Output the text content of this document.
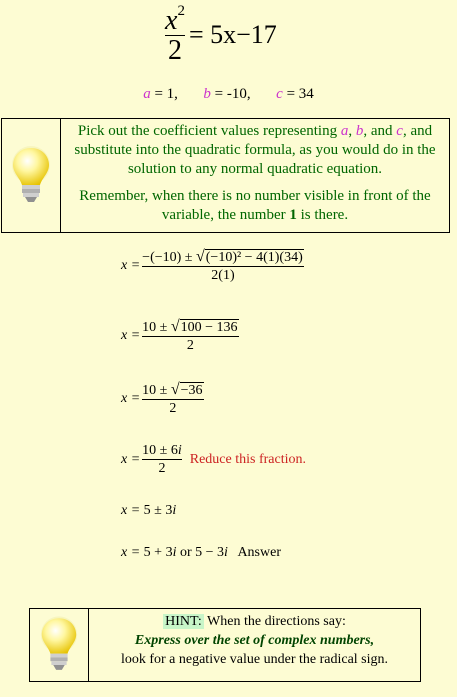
$\frac{x^2}{2} = 5x-17$
a = 1, b = -10, c = 34

Pick out the coefficient values representing a, b, and c, and substitute into the quadratic formula, as you would do in the solution to any normal quadratic equation.

Remember, when there is no number visible in front of the variable, the number 1 is there.

$x = \frac{\text{−(−10) ± √(−10)² − 4(1)(34)}}{2(1)}$
$x = \frac{10 \pm √100 - 136}{2}$
$x = \frac{10 \pm √-36}{2}$
$x = \frac{10 \pm 6i}{2}$ Reduce this fraction.
x = 5 ± 3i
x = 5 + 3i or 5 − 3i Answer
HINT: When the directions say:
Express over the set of complex numbers,
look for a negative value under the radical sign.
